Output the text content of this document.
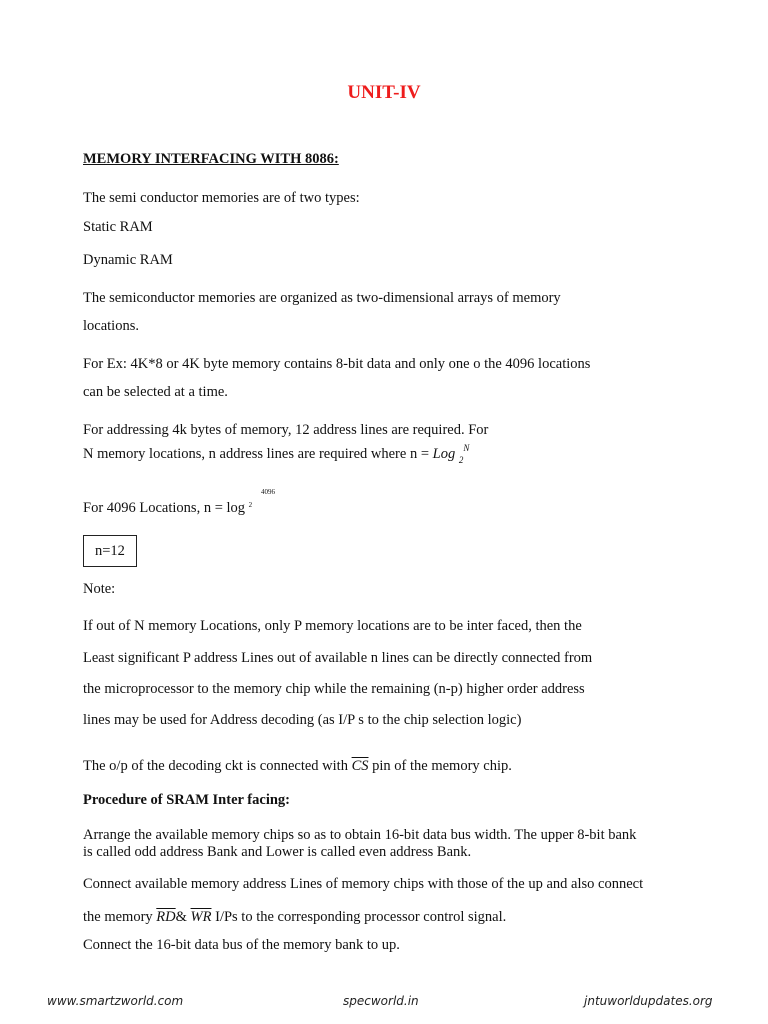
UNIT-IV
MEMORY INTERFACING WITH 8086:
The semi conductor memories are of two types:
Static RAM
Dynamic RAM
The semiconductor memories are organized as two-dimensional arrays of memory
locations.
For Ex: 4K*8 or 4K byte memory contains 8-bit data and only one o the 4096 locations
can be selected at a time.
For addressing 4k bytes of memory, 12 address lines are required. For
N memory locations, n address lines are required where n = Log $_2^N$
4096
For 4096 Locations, n = log $^2$
n=12
Note:
If out of N memory Locations, only P memory locations are to be inter faced, then the
Least significant P address Lines out of available n lines can be directly connected from
the microprocessor to the memory chip while the remaining (n-p) higher order address
lines may be used for Address decoding (as I/P s to the chip selection logic)
The o/p of the decoding ckt is connected with $\overline{CS}$ pin of the memory chip.
Procedure of SRAM Inter facing:
Arrange the available memory chips so as to obtain 16-bit data bus width. The upper 8-bit bank
is called odd address Bank and Lower is called even address Bank.
Connect available memory address Lines of memory chips with those of the up and also connect
the memory $\overline{RD}\&$ $\overline{WR}$ I/Ps to the corresponding processor control signal.
Connect the 16-bit data bus of the memory bank to up.
www.smartzworld.com	specworld.in	jntuworldupdates.org
